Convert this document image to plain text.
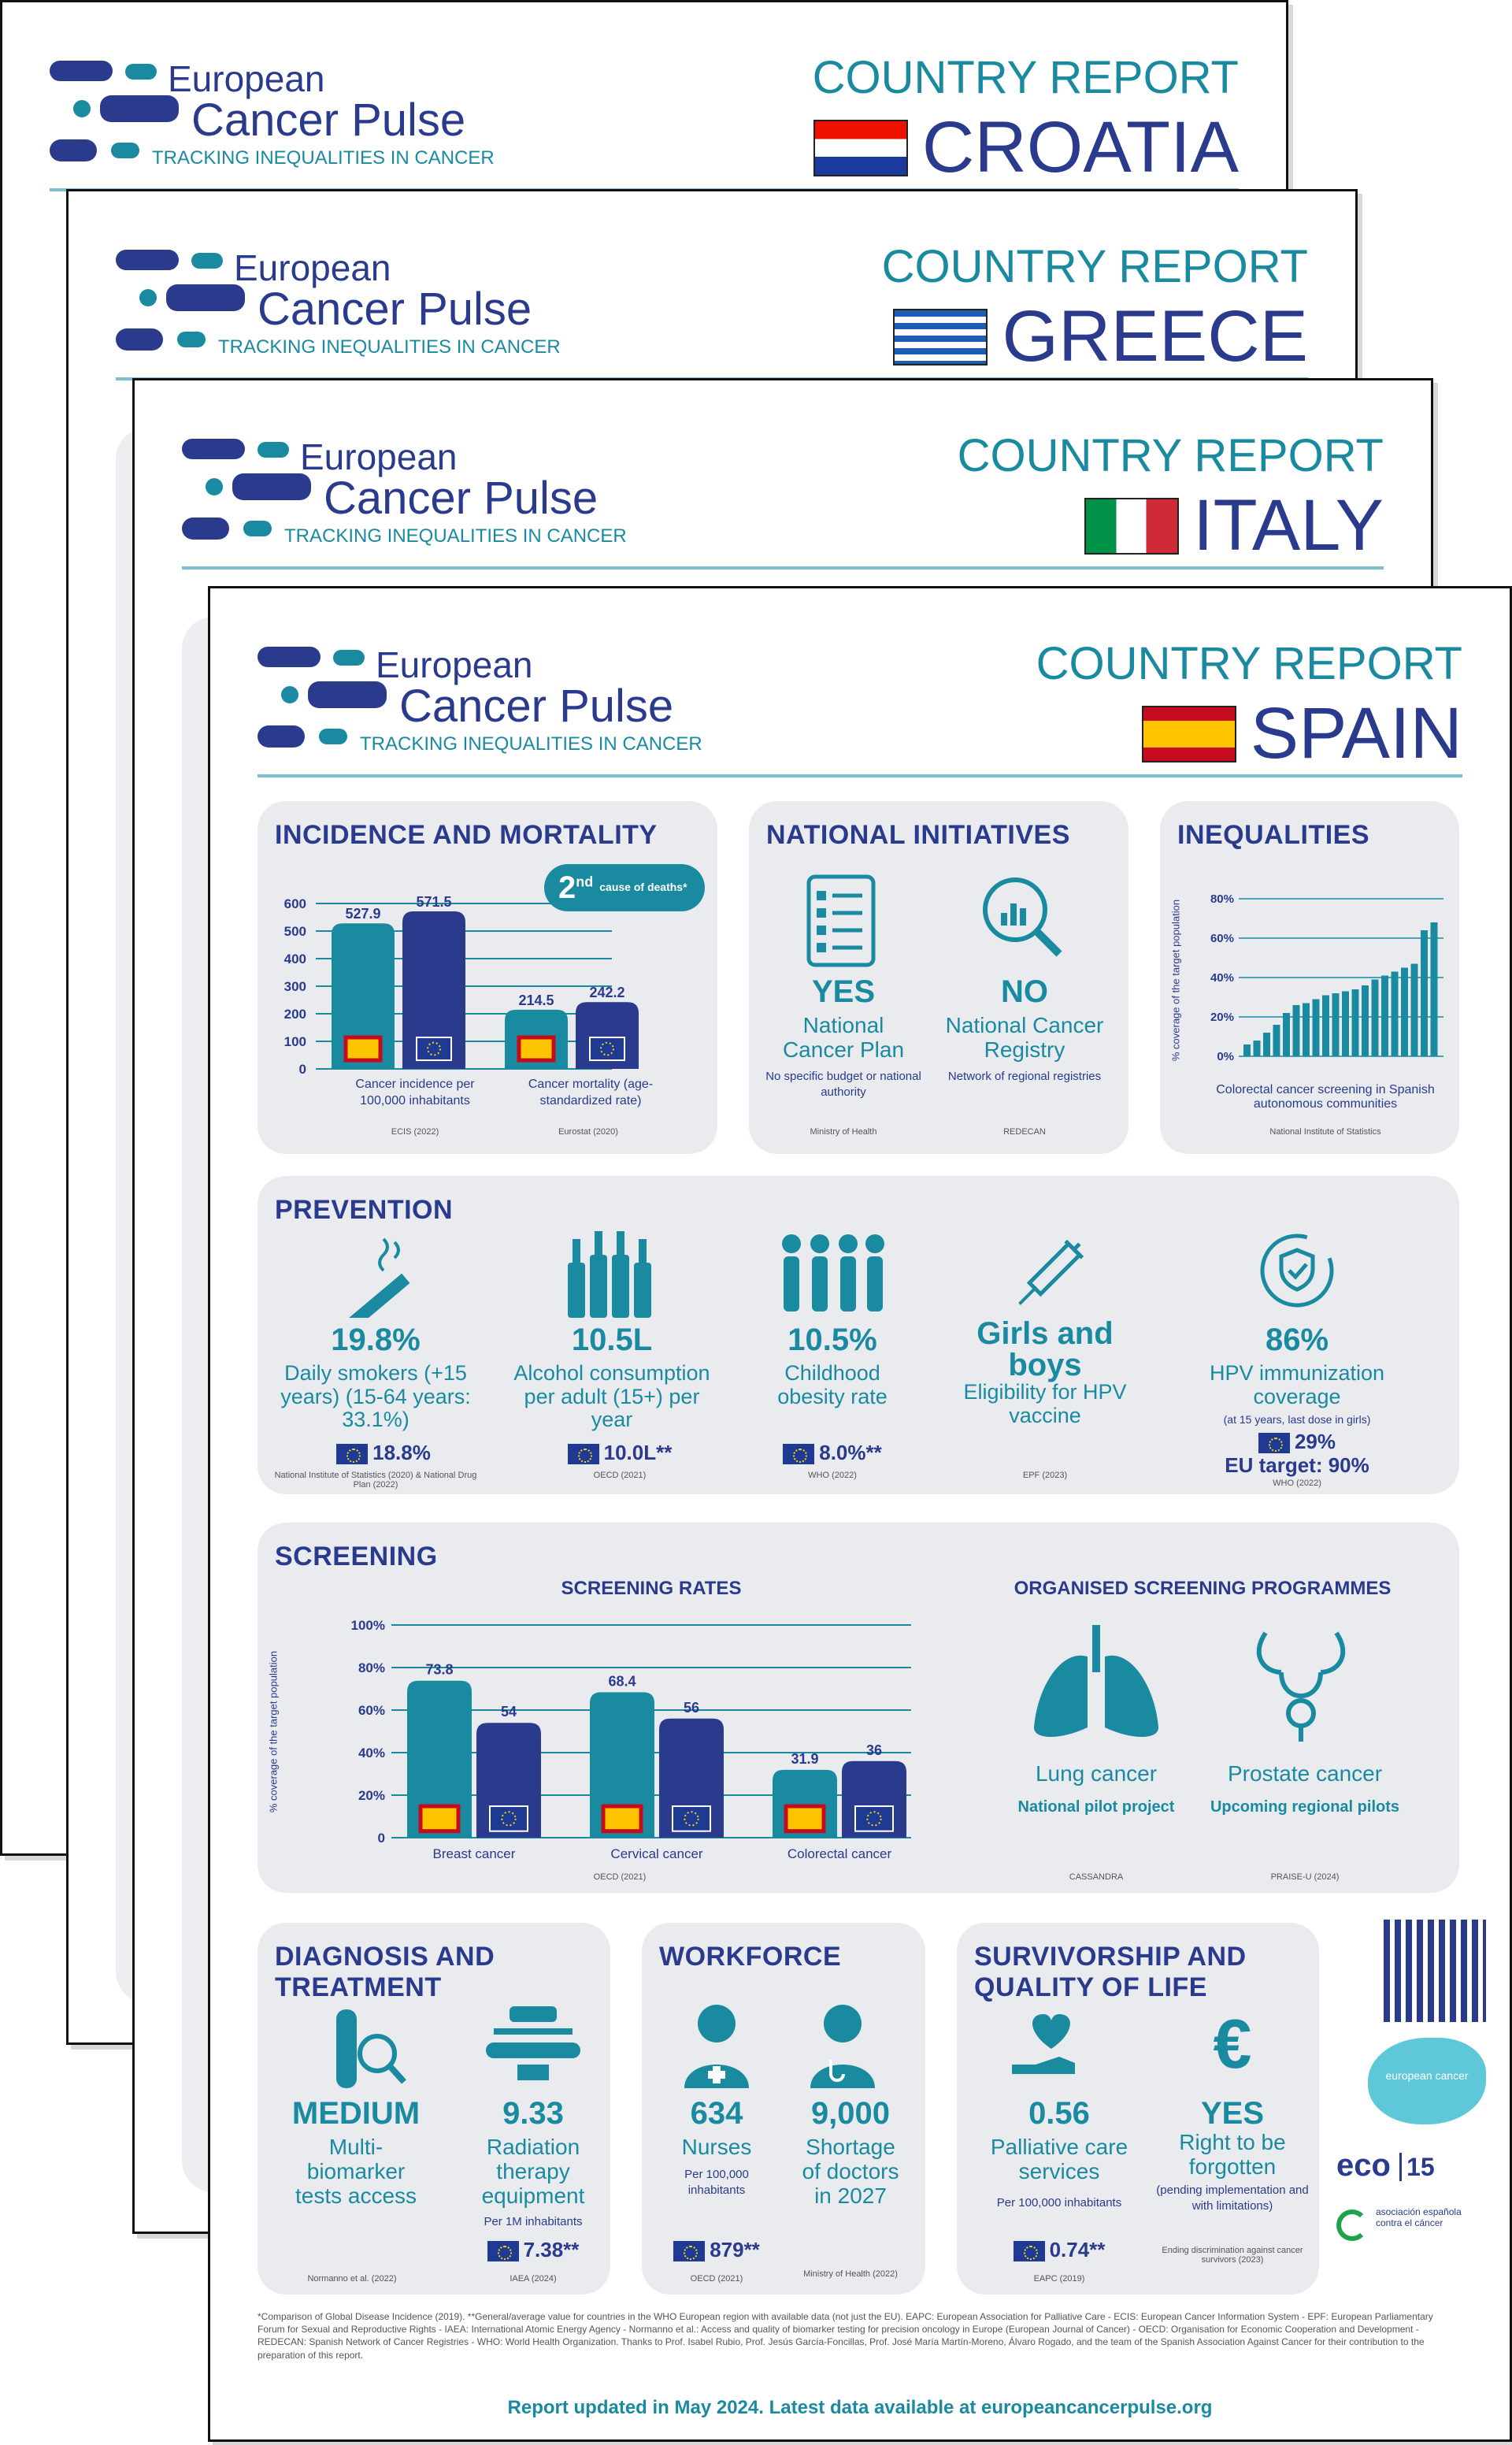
European
Cancer Pulse
TRACKING INEQUALITIES IN CANCER
COUNTRY REPORT
CROATIA
European
Cancer Pulse
TRACKING INEQUALITIES IN CANCER
COUNTRY REPORT
GREECE
European
Cancer Pulse
TRACKING INEQUALITIES IN CANCER
COUNTRY REPORT
ITALY
European
Cancer Pulse
TRACKING INEQUALITIES IN CANCER
COUNTRY REPORT
SPAIN
INCIDENCE AND MORTALITY
2nd cause of deaths*
0
100
200
300
400
500
600
527.9
571.5
214.5 242.2
Cancer incidence per 100,000 inhabitants
Cancer mortality (age-standardized rate)
ECIS (2022)	Eurostat (2020)
NATIONAL INITIATIVES
YES
National Cancer Plan
No specific budget or national authority
Ministry of Health
NO
National Cancer Registry
Network of regional registries
REDECAN
INEQUALITIES
% coverage of the target population	0%
20%
40%
60%
80%
Colorectal cancer screening in Spanish autonomous communities
National Institute of Statistics
PREVENTION
19.8%
Daily smokers (+15 years) (15-64 years: 33.1%)
18.8%
National Institute of Statistics (2020) & National Drug Plan (2022)
10.5L
Alcohol consumption per adult (15+) per year
10.0L**
OECD (2021)
10.5%
Childhood obesity rate
8.0%**
WHO (2022)
Girls and boys
Eligibility for HPV vaccine
EPF (2023)
86%
HPV immunization coverage
(at 15 years, last dose in girls)
29%
EU target: 90%
WHO (2022)
SCREENING
SCREENING RATES	ORGANISED SCREENING PROGRAMMES
% coverage of the target population
0
20%
40%
60%
80%
100%
73.8
54
Breast cancer
68.4
56
Cervical cancer
31.9
36
Colorectal cancer
OECD (2021)
Lung cancer
National pilot project
CASSANDRA
Prostate cancer
Upcoming regional pilots
PRAISE-U (2024)
DIAGNOSIS AND TREATMENT
MEDIUM
Multi-biomarker tests access
Normanno et al. (2022)
9.33
Radiation therapy equipment
Per 1M inhabitants
7.38**
IAEA (2024)
WORKFORCE
634
Nurses
Per 100,000 inhabitants
879**
OECD (2021)
9,000
Shortage of doctors in 2027
Ministry of Health (2022)
SURVIVORSHIP AND QUALITY OF LIFE
€
0.56
Palliative care services
Per 100,000 inhabitants
0.74**
EAPC (2019)
YES
Right to be forgotten
(pending implementation and with limitations)
Ending discrimination against cancer survivors (2023)
european cancer
eco 15
asociación española contra el cáncer
*Comparison of Global Disease Incidence (2019). **General/average value for countries in the WHO European region with available data (not just the EU). EAPC: European Association for Palliative Care - ECIS: European Cancer Information System - EPF: European Parliamentary Forum for Sexual and Reproductive Rights - IAEA: International Atomic Energy Agency - Normanno et al.: Access and quality of biomarker testing for precision oncology in Europe (European Journal of Cancer) - OECD: Organisation for Economic Cooperation and Development - REDECAN: Spanish Network of Cancer Registries - WHO: World Health Organization. Thanks to Prof. Isabel Rubio, Prof. Jesús García-Foncillas, Prof. José María Martín-Moreno, Álvaro Rogado, and the team of the Spanish Association Against Cancer for their contribution to the preparation of this report.
Report updated in May 2024. Latest data available at europeancancerpulse.org
